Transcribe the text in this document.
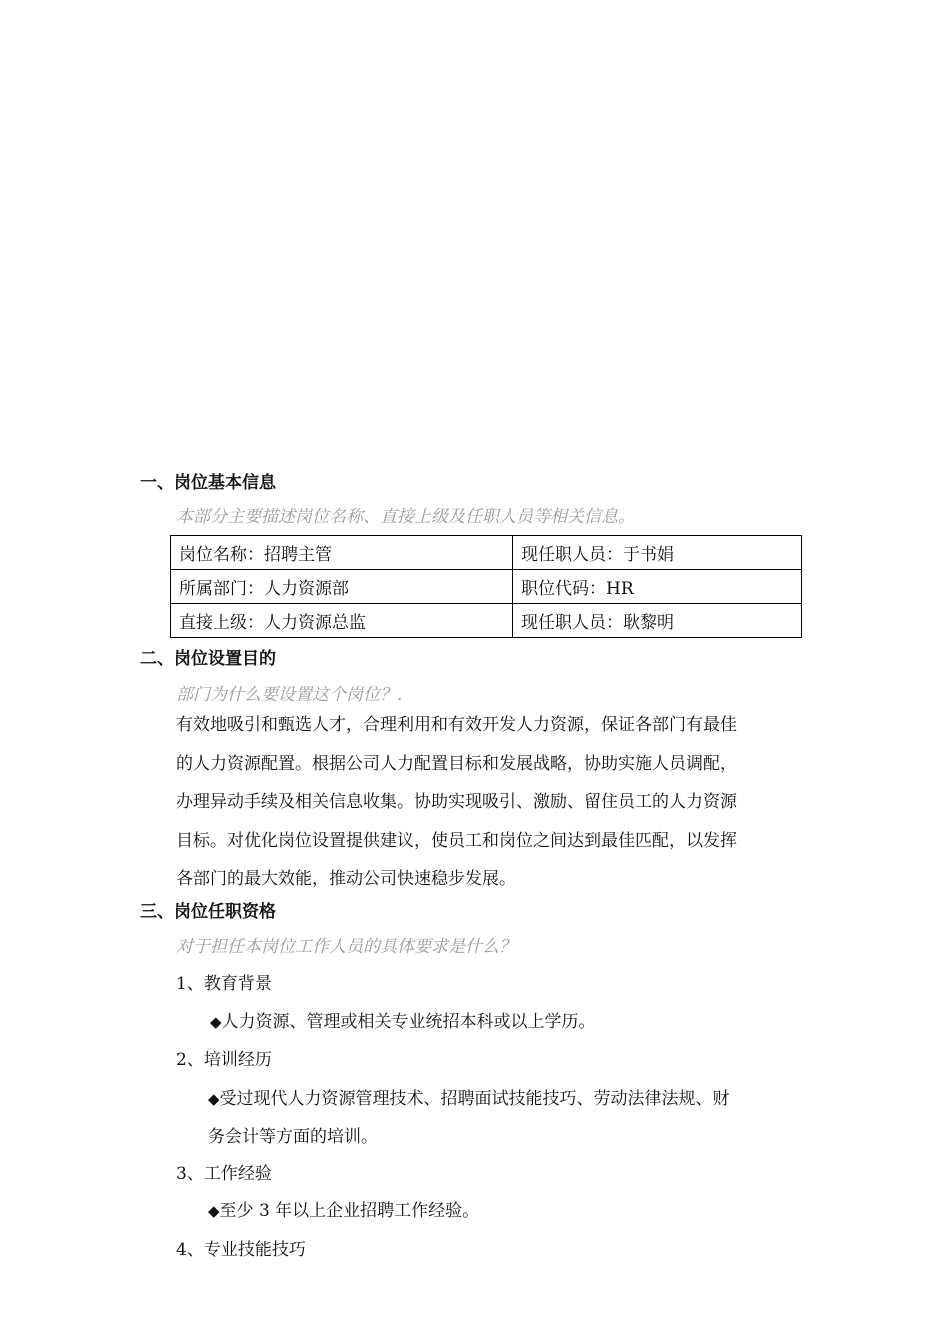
一、岗位基本信息
本部分主要描述岗位名称、直接上级及任职人员等相关信息。
岗位名称：招聘主管	现任职人员：于书娟
所属部门：人力资源部	职位代码：HR
直接上级：人力资源总监	现任职人员：耿黎明
二、岗位设置目的
部门为什么要设置这个岗位？.
有效地吸引和甄选人才，合理利用和有效开发人力资源，保证各部门有最佳
的人力资源配置。根据公司人力配置目标和发展战略，协助实施人员调配，
办理异动手续及相关信息收集。协助实现吸引、激励、留住员工的人力资源
目标。对优化岗位设置提供建议，使员工和岗位之间达到最佳匹配，以发挥
各部门的最大效能，推动公司快速稳步发展。
三、岗位任职资格
对于担任本岗位工作人员的具体要求是什么？
1、教育背景
◆人力资源、管理或相关专业统招本科或以上学历。
2、培训经历
◆受过现代人力资源管理技术、招聘面试技能技巧、劳动法律法规、财
务会计等方面的培训。
3、工作经验
◆至少 3 年以上企业招聘工作经验。
4、专业技能技巧
